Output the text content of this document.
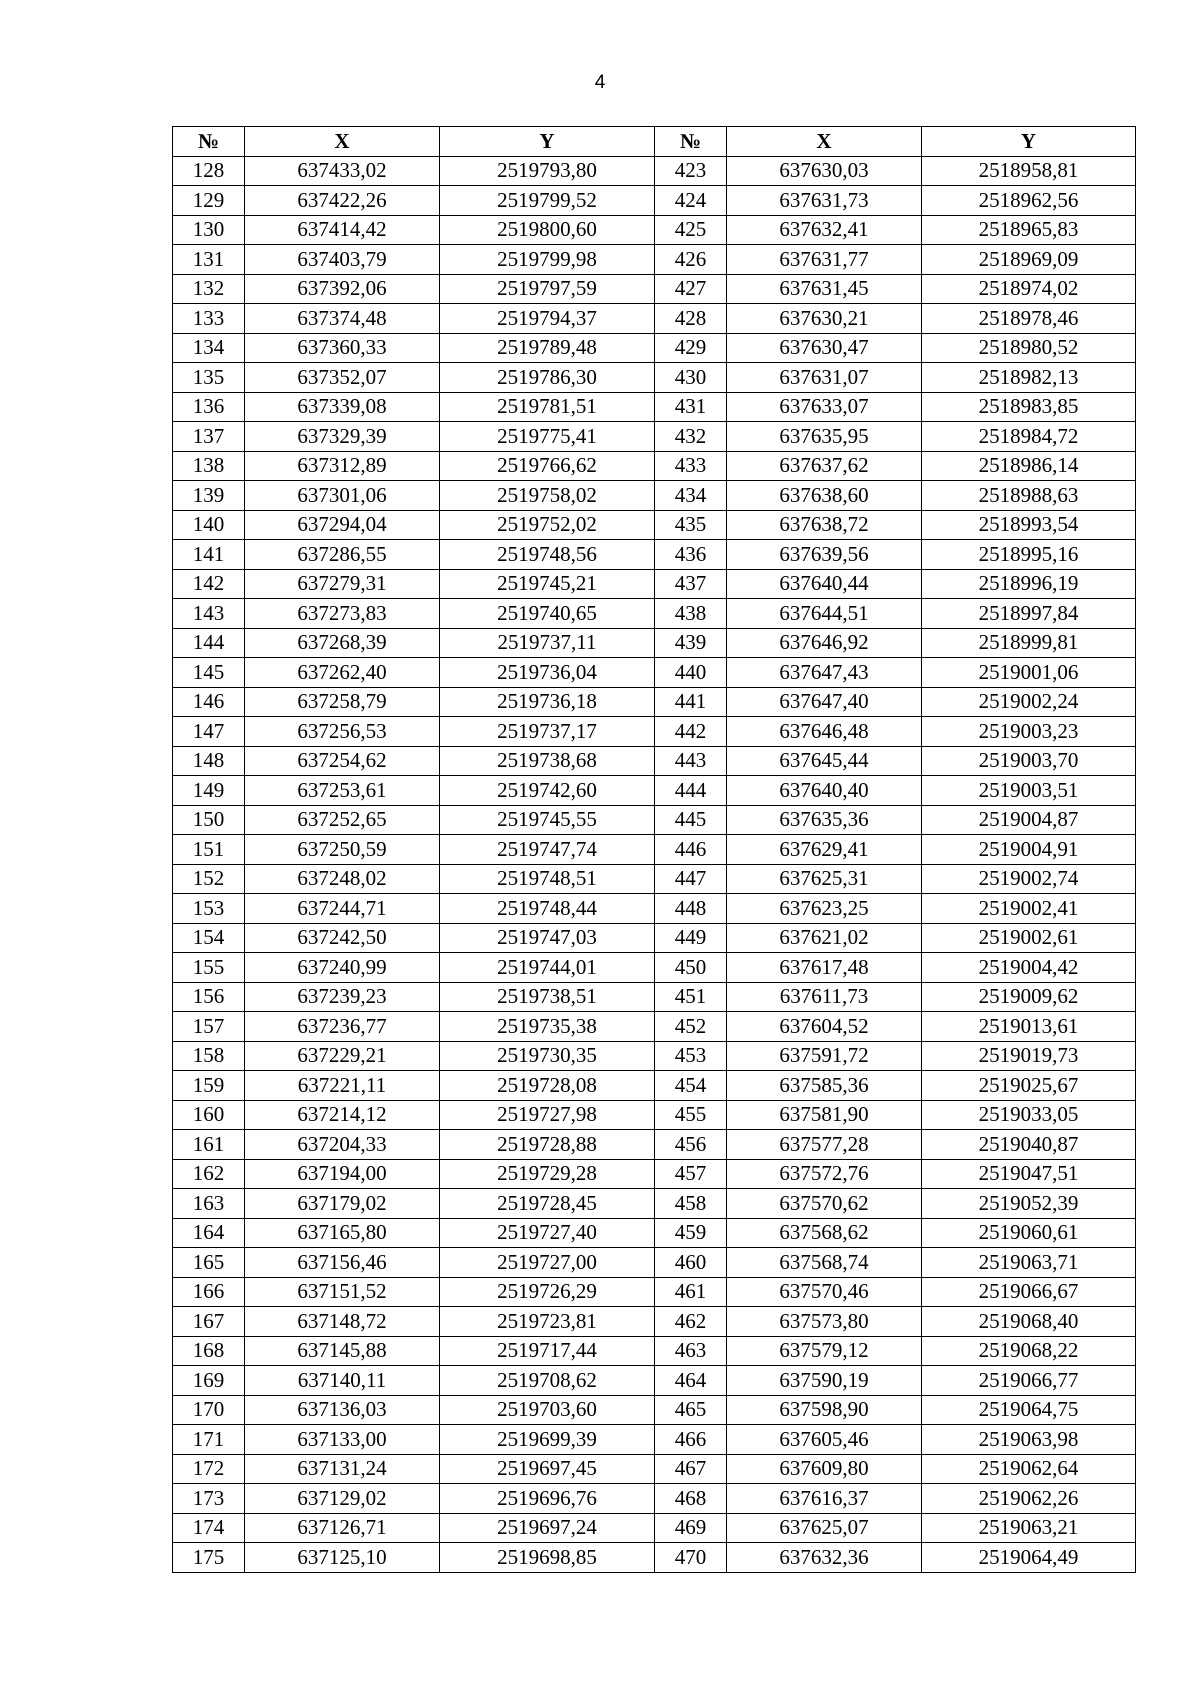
4
№	X	Y	№	X	Y
128	637433,02	2519793,80	423	637630,03	2518958,81
129	637422,26	2519799,52	424	637631,73	2518962,56
130	637414,42	2519800,60	425	637632,41	2518965,83
131	637403,79	2519799,98	426	637631,77	2518969,09
132	637392,06	2519797,59	427	637631,45	2518974,02
133	637374,48	2519794,37	428	637630,21	2518978,46
134	637360,33	2519789,48	429	637630,47	2518980,52
135	637352,07	2519786,30	430	637631,07	2518982,13
136	637339,08	2519781,51	431	637633,07	2518983,85
137	637329,39	2519775,41	432	637635,95	2518984,72
138	637312,89	2519766,62	433	637637,62	2518986,14
139	637301,06	2519758,02	434	637638,60	2518988,63
140	637294,04	2519752,02	435	637638,72	2518993,54
141	637286,55	2519748,56	436	637639,56	2518995,16
142	637279,31	2519745,21	437	637640,44	2518996,19
143	637273,83	2519740,65	438	637644,51	2518997,84
144	637268,39	2519737,11	439	637646,92	2518999,81
145	637262,40	2519736,04	440	637647,43	2519001,06
146	637258,79	2519736,18	441	637647,40	2519002,24
147	637256,53	2519737,17	442	637646,48	2519003,23
148	637254,62	2519738,68	443	637645,44	2519003,70
149	637253,61	2519742,60	444	637640,40	2519003,51
150	637252,65	2519745,55	445	637635,36	2519004,87
151	637250,59	2519747,74	446	637629,41	2519004,91
152	637248,02	2519748,51	447	637625,31	2519002,74
153	637244,71	2519748,44	448	637623,25	2519002,41
154	637242,50	2519747,03	449	637621,02	2519002,61
155	637240,99	2519744,01	450	637617,48	2519004,42
156	637239,23	2519738,51	451	637611,73	2519009,62
157	637236,77	2519735,38	452	637604,52	2519013,61
158	637229,21	2519730,35	453	637591,72	2519019,73
159	637221,11	2519728,08	454	637585,36	2519025,67
160	637214,12	2519727,98	455	637581,90	2519033,05
161	637204,33	2519728,88	456	637577,28	2519040,87
162	637194,00	2519729,28	457	637572,76	2519047,51
163	637179,02	2519728,45	458	637570,62	2519052,39
164	637165,80	2519727,40	459	637568,62	2519060,61
165	637156,46	2519727,00	460	637568,74	2519063,71
166	637151,52	2519726,29	461	637570,46	2519066,67
167	637148,72	2519723,81	462	637573,80	2519068,40
168	637145,88	2519717,44	463	637579,12	2519068,22
169	637140,11	2519708,62	464	637590,19	2519066,77
170	637136,03	2519703,60	465	637598,90	2519064,75
171	637133,00	2519699,39	466	637605,46	2519063,98
172	637131,24	2519697,45	467	637609,80	2519062,64
173	637129,02	2519696,76	468	637616,37	2519062,26
174	637126,71	2519697,24	469	637625,07	2519063,21
175	637125,10	2519698,85	470	637632,36	2519064,49
